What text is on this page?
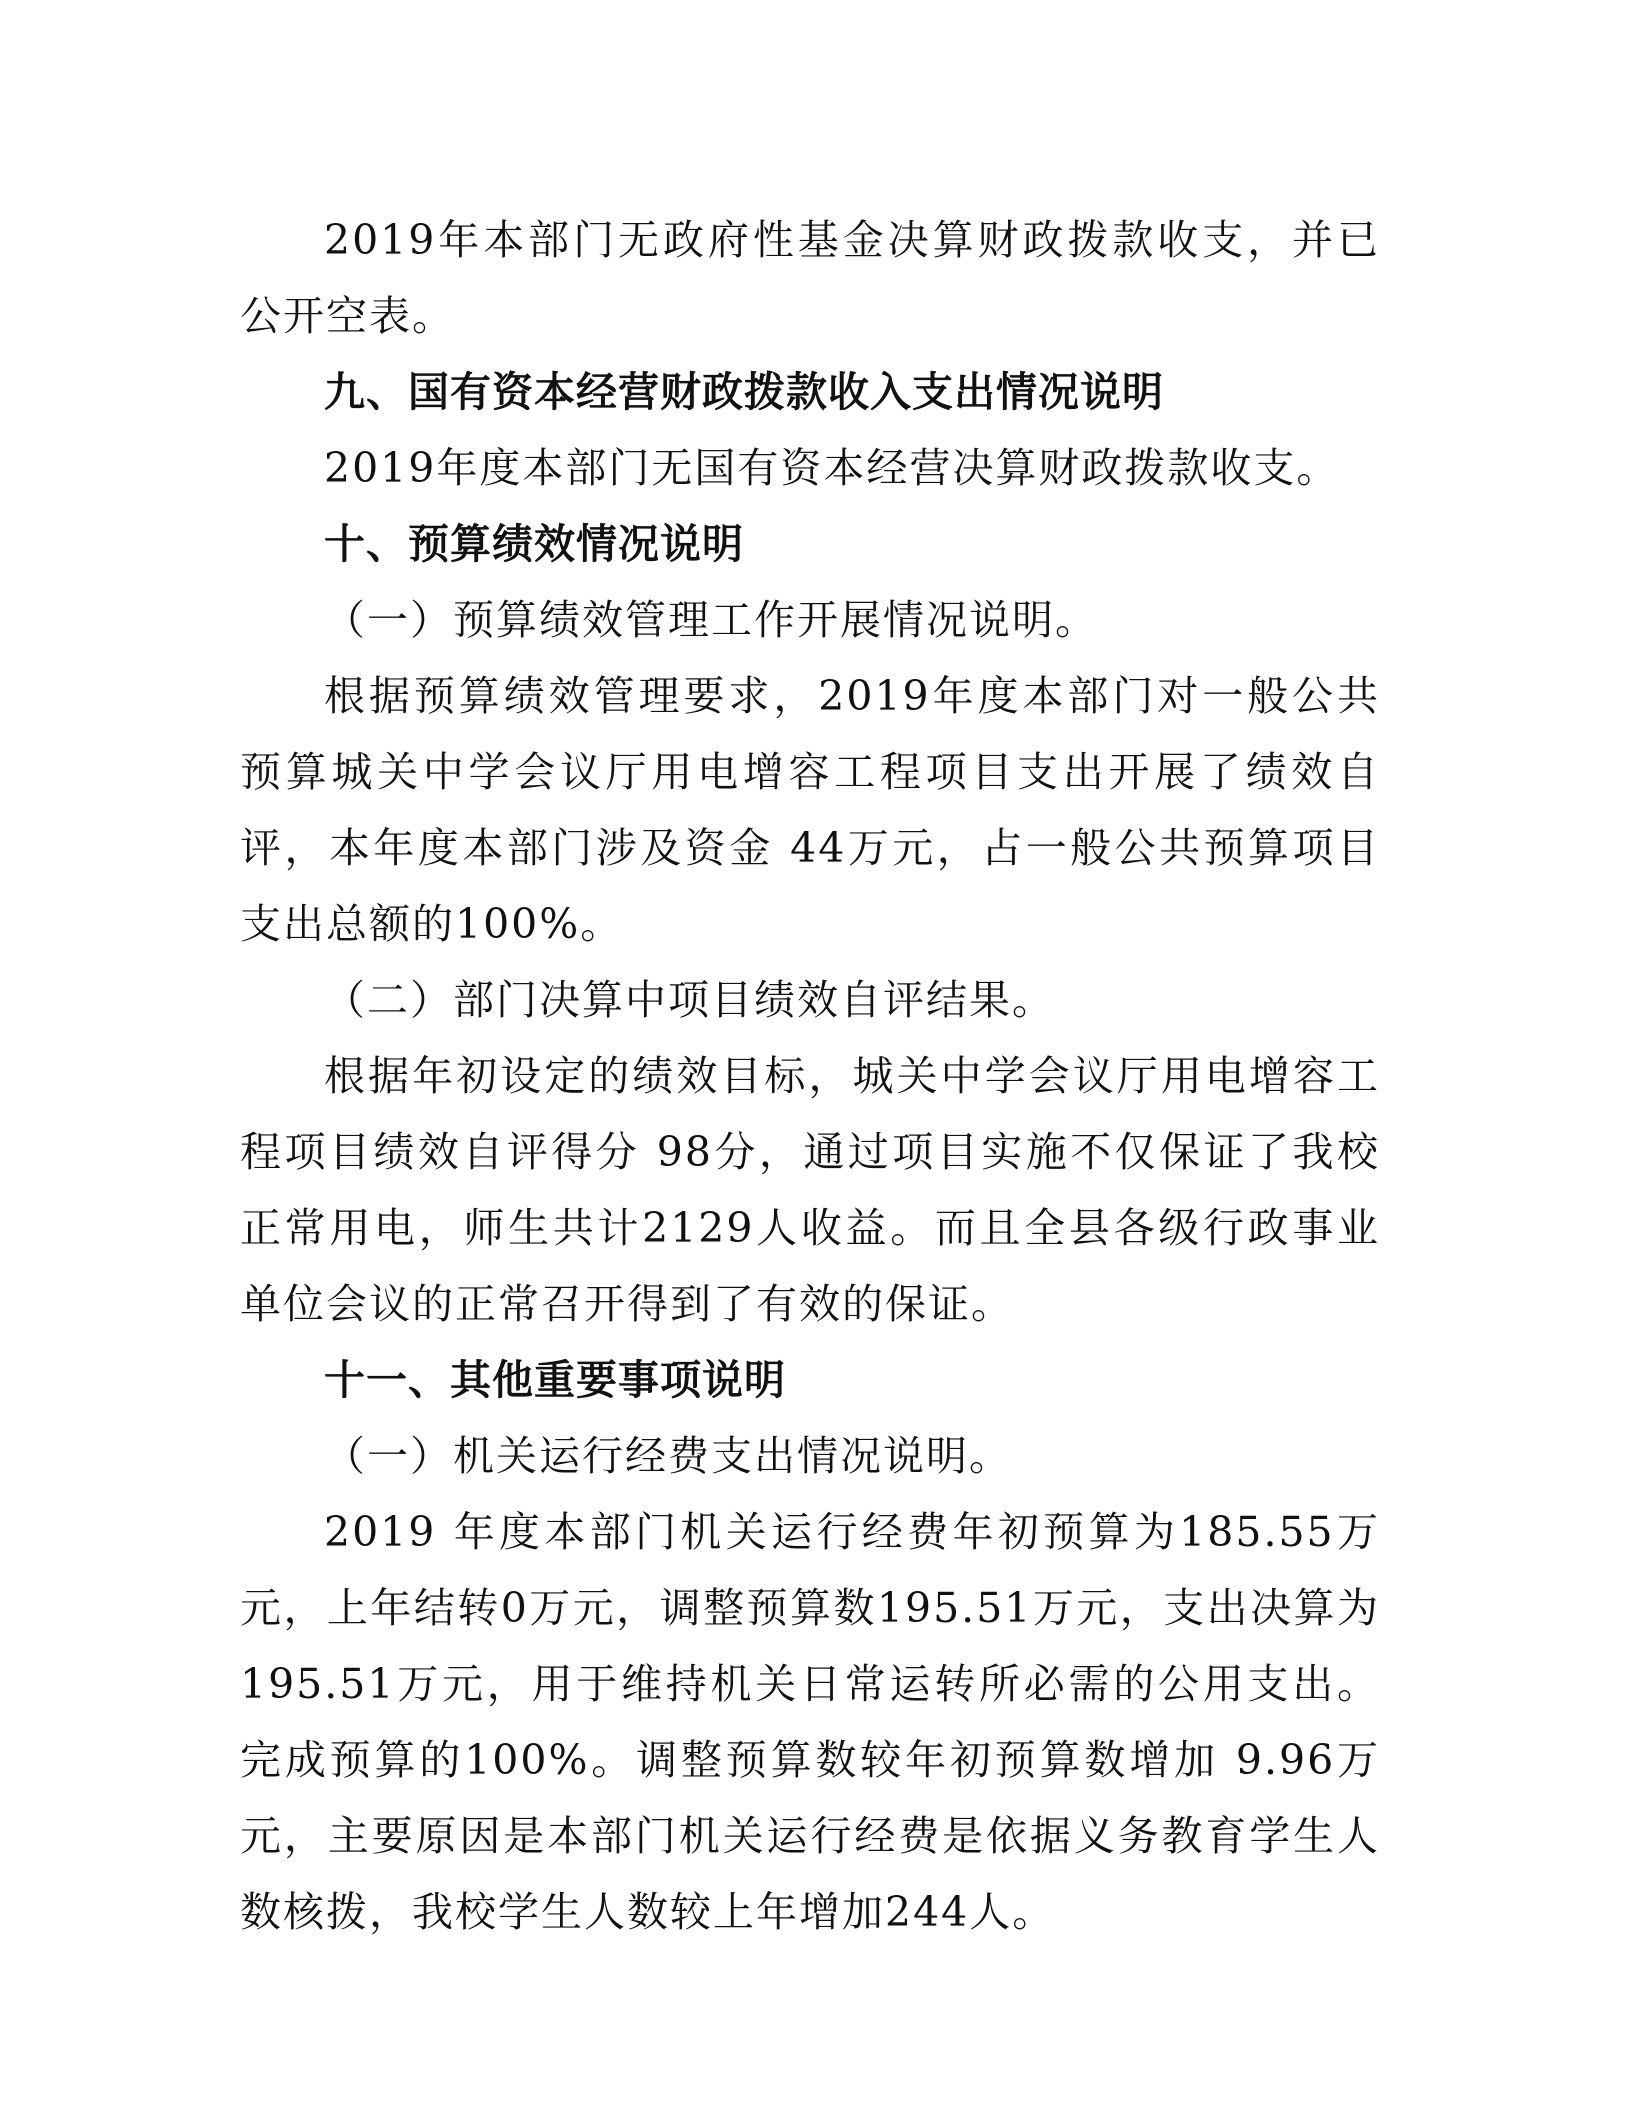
2019年本部门无政府性基金决算财政拨款收支，并已公开空表。

九、国有资本经营财政拨款收入支出情况说明

2019年度本部门无国有资本经营决算财政拨款收支。

十、预算绩效情况说明

（一）预算绩效管理工作开展情况说明。

根据预算绩效管理要求，2019年度本部门对一般公共预算城关中学会议厅用电增容工程项目支出开展了绩效自评，本年度本部门涉及资金 44万元，占一般公共预算项目支出总额的100%。

（二）部门决算中项目绩效自评结果。

根据年初设定的绩效目标，城关中学会议厅用电增容工程项目绩效自评得分 98分，通过项目实施不仅保证了我校正常用电，师生共计2129人收益。而且全县各级行政事业单位会议的正常召开得到了有效的保证。

十一、其他重要事项说明

（一）机关运行经费支出情况说明。

2019 年度本部门机关运行经费年初预算为185.55万元，上年结转0万元，调整预算数195.51万元，支出决算为195.51万元，用于维持机关日常运转所必需的公用支出。完成预算的100%。调整预算数较年初预算数增加 9.96万元，主要原因是本部门机关运行经费是依据义务教育学生人数核拨，我校学生人数较上年增加244人。
